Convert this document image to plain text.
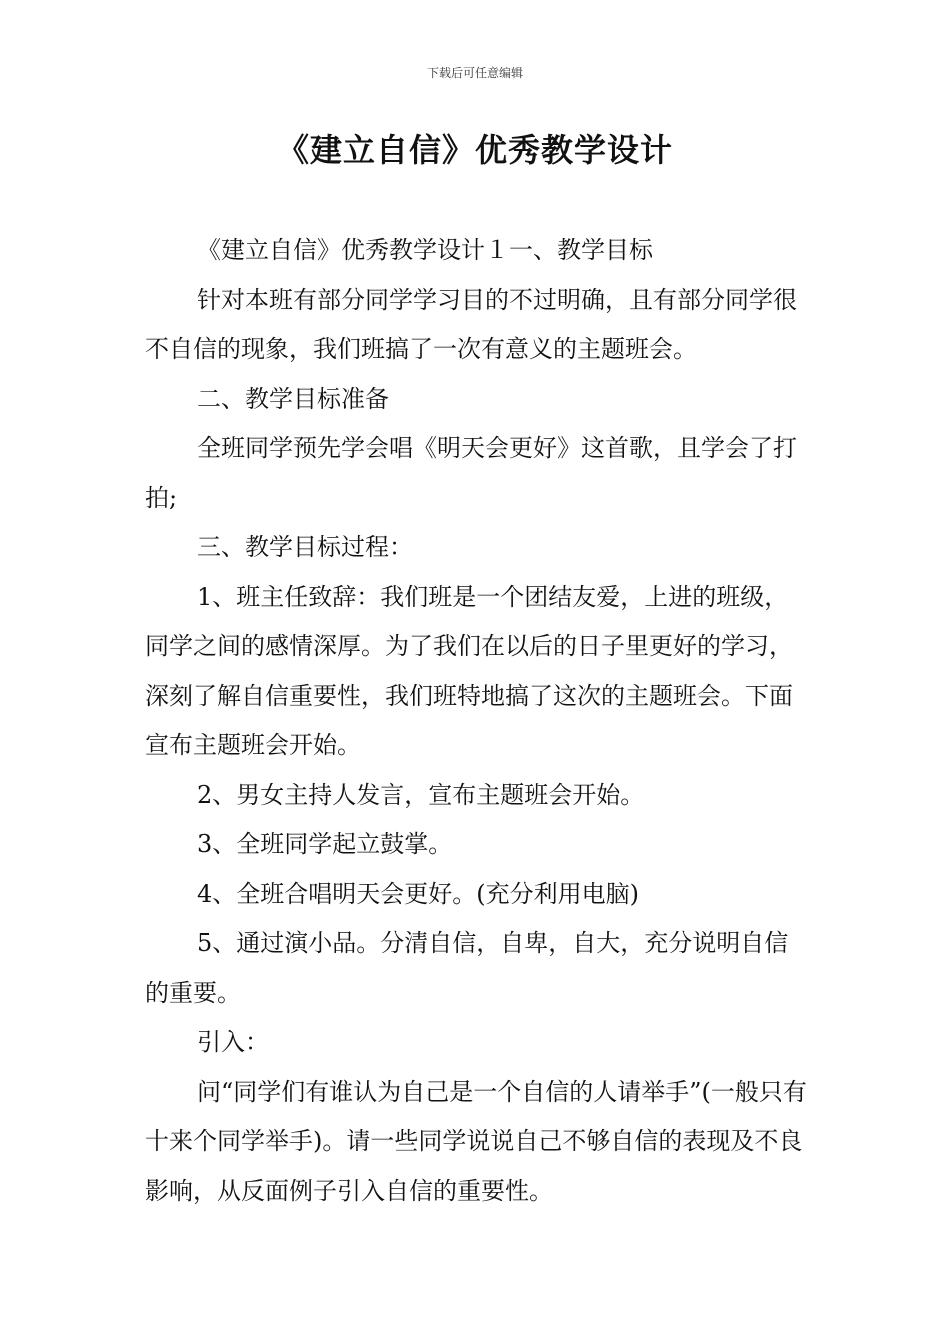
下载后可任意编辑
《建立自信》优秀教学设计

《建立自信》优秀教学设计１一、教学目标

针对本班有部分同学学习目的不过明确，且有部分同学很不自信的现象，我们班搞了一次有意义的主题班会。

二、教学目标准备

全班同学预先学会唱《明天会更好》这首歌，且学会了打拍;

三、教学目标过程：

1、班主任致辞：我们班是一个团结友爱，上进的班级，同学之间的感情深厚。为了我们在以后的日子里更好的学习，深刻了解自信重要性，我们班特地搞了这次的主题班会。下面宣布主题班会开始。

2、男女主持人发言，宣布主题班会开始。

3、全班同学起立鼓掌。

4、全班合唱明天会更好。(充分利用电脑)

5、通过演小品。分清自信，自卑，自大，充分说明自信的重要。

引入：

问“同学们有谁认为自己是一个自信的人请举手”(一般只有十来个同学举手)。请一些同学说说自己不够自信的表现及不良影响，从反面例子引入自信的重要性。
